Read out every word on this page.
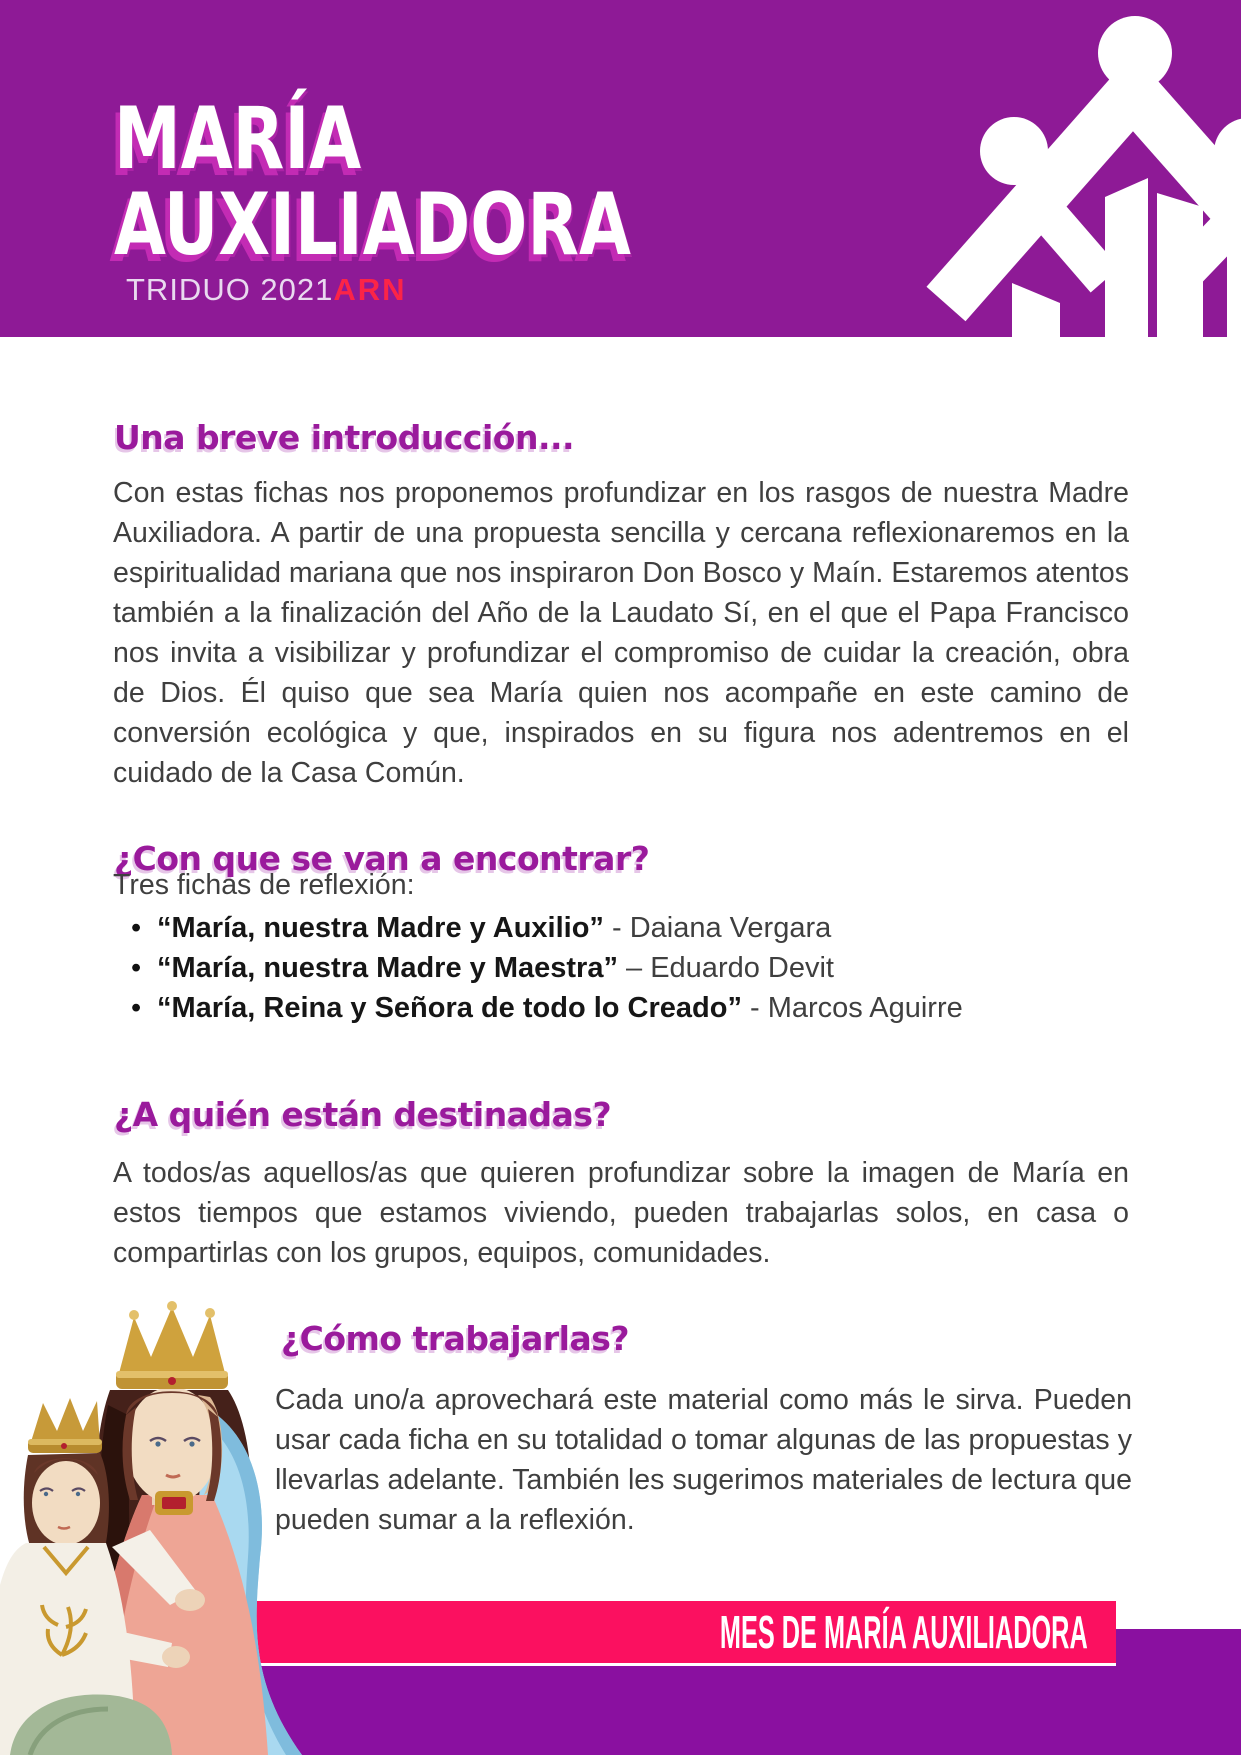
MARÍA
AUXILIADORA
TRIDUO 2021ARN
Una breve introducción...

Con estas fichas nos proponemos profundizar en los rasgos de nuestra Madre Auxiliadora. A partir de una propuesta sencilla y cercana reflexionaremos en la espiritualidad mariana que nos inspiraron Don Bosco y Maín. Estaremos atentos también a la finalización del Año de la Laudato Sí, en el que el Papa Francisco nos invita a visibilizar y profundizar el compromiso de cuidar la creación, obra de Dios. Él quiso que sea María quien nos acompañe en este camino de conversión ecológica y que, inspirados en su figura nos adentremos en el cuidado de la Casa Común.

¿Con que se van a encontrar?
Tres fichas de reflexión:
• “María, nuestra Madre y Auxilio” - Daiana Vergara
• “María, nuestra Madre y Maestra” – Eduardo Devit
• “María, Reina y Señora de todo lo Creado” - Marcos Aguirre
¿A quién están destinadas?

A todos/as aquellos/as que quieren profundizar sobre la imagen de María en estos tiempos que estamos viviendo, pueden trabajarlas solos, en casa o compartirlas con los grupos, equipos, comunidades.

¿Cómo trabajarlas?

Cada uno/a aprovechará este material como más le sirva. Pueden usar cada ficha en su totalidad o tomar algunas de las propuestas y llevarlas adelante. También les sugerimos materiales de lectura que pueden sumar a la reflexión.

MES DE MARÍA AUXILIADORA
